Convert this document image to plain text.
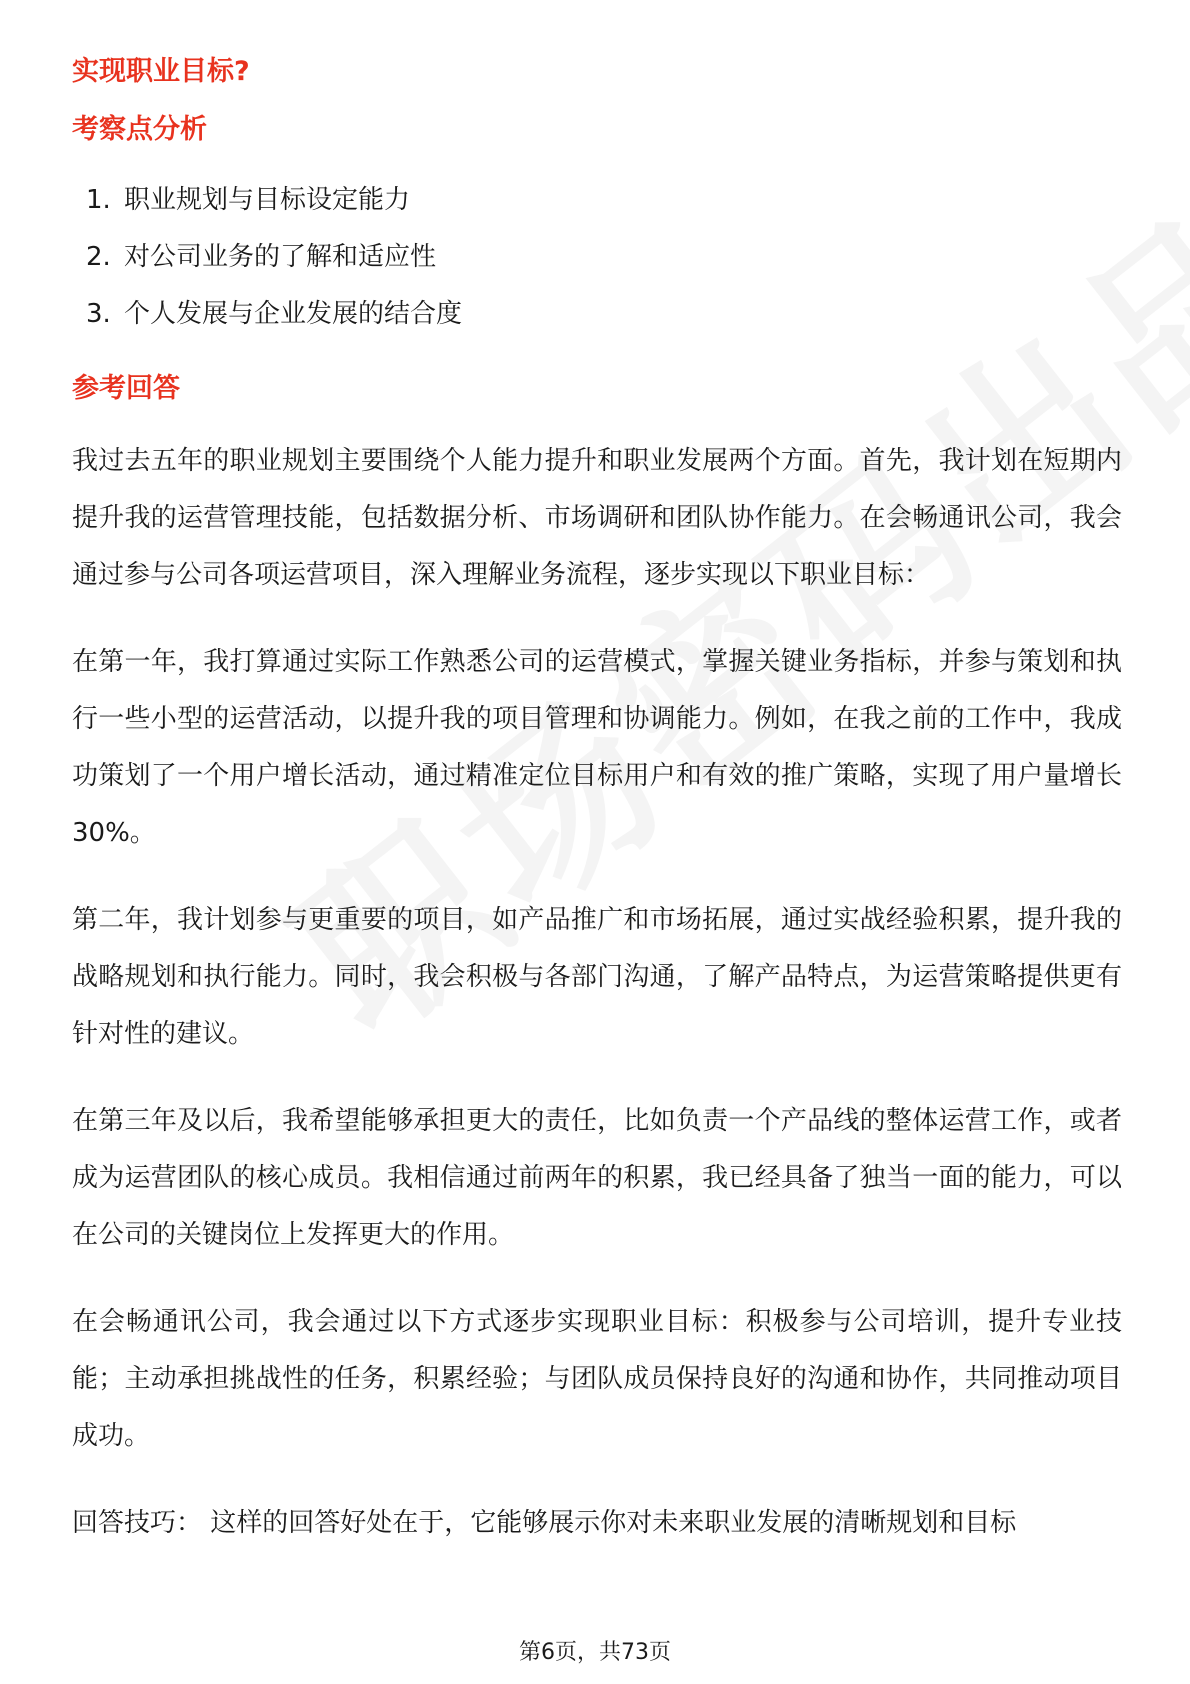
实现职业目标?
考察点分析
1. 职业规划与目标设定能力
2. 对公司业务的了解和适应性
3. 个人发展与企业发展的结合度
参考回答

我过去五年的职业规划主要围绕个人能力提升和职业发展两个方面。首先，我计划在短期内提升我的运营管理技能，包括数据分析、市场调研和团队协作能力。在会畅通讯公司，我会通过参与公司各项运营项目，深入理解业务流程，逐步实现以下职业目标：

在第一年，我打算通过实际工作熟悉公司的运营模式，掌握关键业务指标，并参与策划和执行一些小型的运营活动，以提升我的项目管理和协调能力。例如，在我之前的工作中，我成功策划了一个用户增长活动，通过精准定位目标用户和有效的推广策略，实现了用户量增长30%。

第二年，我计划参与更重要的项目，如产品推广和市场拓展，通过实战经验积累，提升我的战略规划和执行能力。同时，我会积极与各部门沟通，了解产品特点，为运营策略提供更有针对性的建议。

在第三年及以后，我希望能够承担更大的责任，比如负责一个产品线的整体运营工作，或者成为运营团队的核心成员。我相信通过前两年的积累，我已经具备了独当一面的能力，可以在公司的关键岗位上发挥更大的作用。

在会畅通讯公司，我会通过以下方式逐步实现职业目标：积极参与公司培训，提升专业技能；主动承担挑战性的任务，积累经验；与团队成员保持良好的沟通和协作，共同推动项目成功。

回答技巧： 这样的回答好处在于，它能够展示你对未来职业发展的清晰规划和目标

第6页，共73页
